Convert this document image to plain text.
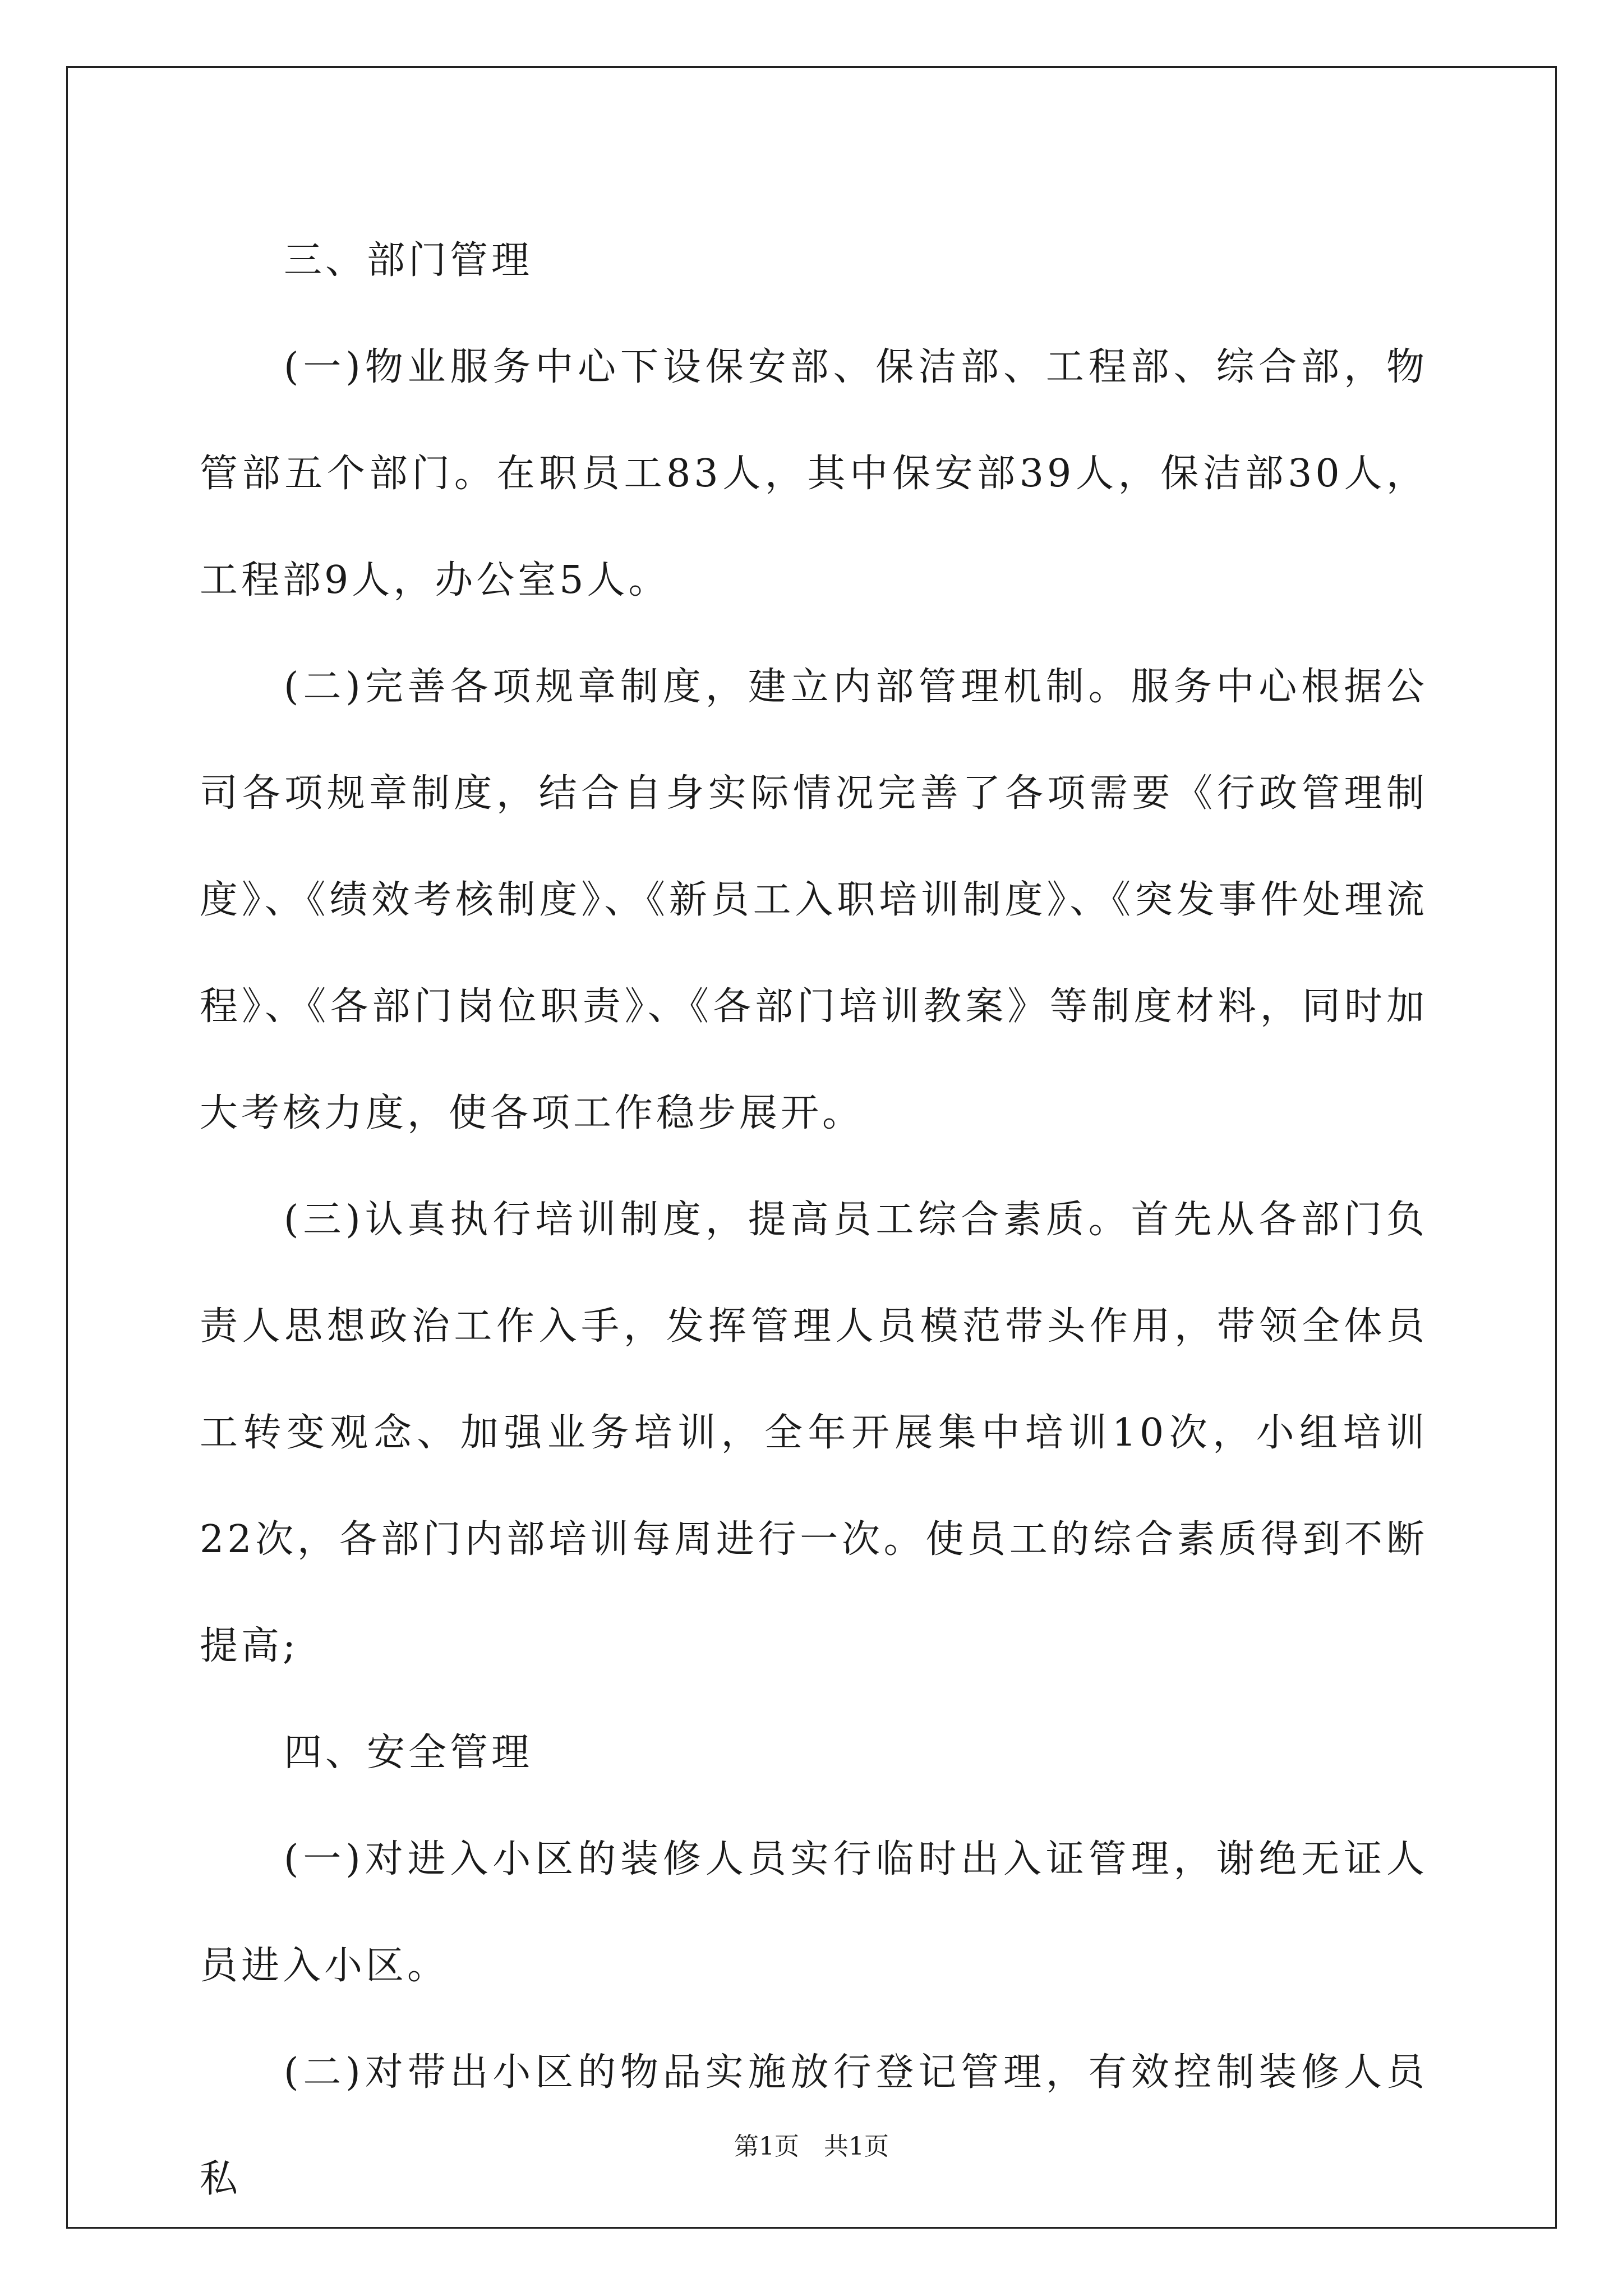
三、部门管理

(一)物业服务中心下设保安部、保洁部、工程部、综合部，物管部五个部门。在职员工83人，其中保安部39人，保洁部30人，工程部9人，办公室5人。

(二)完善各项规章制度，建立内部管理机制。服务中心根据公司各项规章制度，结合自身实际情况完善了各项需要《行政管理制度》、《绩效考核制度》、《新员工入职培训制度》、《突发事件处理流程》、《各部门岗位职责》、《各部门培训教案》等制度材料，同时加大考核力度，使各项工作稳步展开。

(三)认真执行培训制度，提高员工综合素质。首先从各部门负责人思想政治工作入手，发挥管理人员模范带头作用，带领全体员工转变观念、加强业务培训，全年开展集中培训10次，小组培训22次，各部门内部培训每周进行一次。使员工的综合素质得到不断提高;

四、安全管理

(一)对进入小区的装修人员实行临时出入证管理，谢绝无证人员进入小区。

(二)对带出小区的物品实施放行登记管理，有效控制装修人员私

第1页　共1页
